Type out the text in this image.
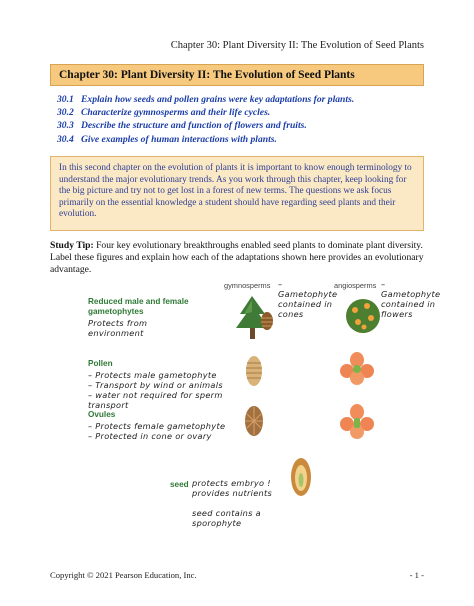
Chapter 30: Plant Diversity II: The Evolution of Seed Plants
Chapter 30: Plant Diversity II: The Evolution of Seed Plants
30.1 Explain how seeds and pollen grains were key adaptations for plants.
30.2 Characterize gymnosperms and their life cycles.
30.3 Describe the structure and function of flowers and fruits.
30.4 Give examples of human interactions with plants.
In this second chapter on the evolution of plants it is important to know enough terminology to understand the major evolutionary trends. As you work through this chapter, keep looking for the big picture and try not to get lost in a forest of new terms. The questions we ask focus primarily on the essential knowledge a student should have regarding seed plants and their evolution.
Study Tip: Four key evolutionary breakthroughs enabled seed plants to dominate plant diversity. Label these figures and explain how each of the adaptations shown here provides an evolutionary advantage.
gymnosperms	angiosperms
– Gametophyte contained in cones
– Gametophyte contained in flowers
Reduced male and female gametophytes
Protects from environment
Pollen
– Protects male gametophyte
– Transport by wind or animals
– water not required for sperm transport
Ovules
– Protects female gametophyte
– Protected in cone or ovary
seed protects embryo ! provides nutrients

seed contains a sporophyte
Copyright © 2021 Pearson Education, Inc.	- 1 -
